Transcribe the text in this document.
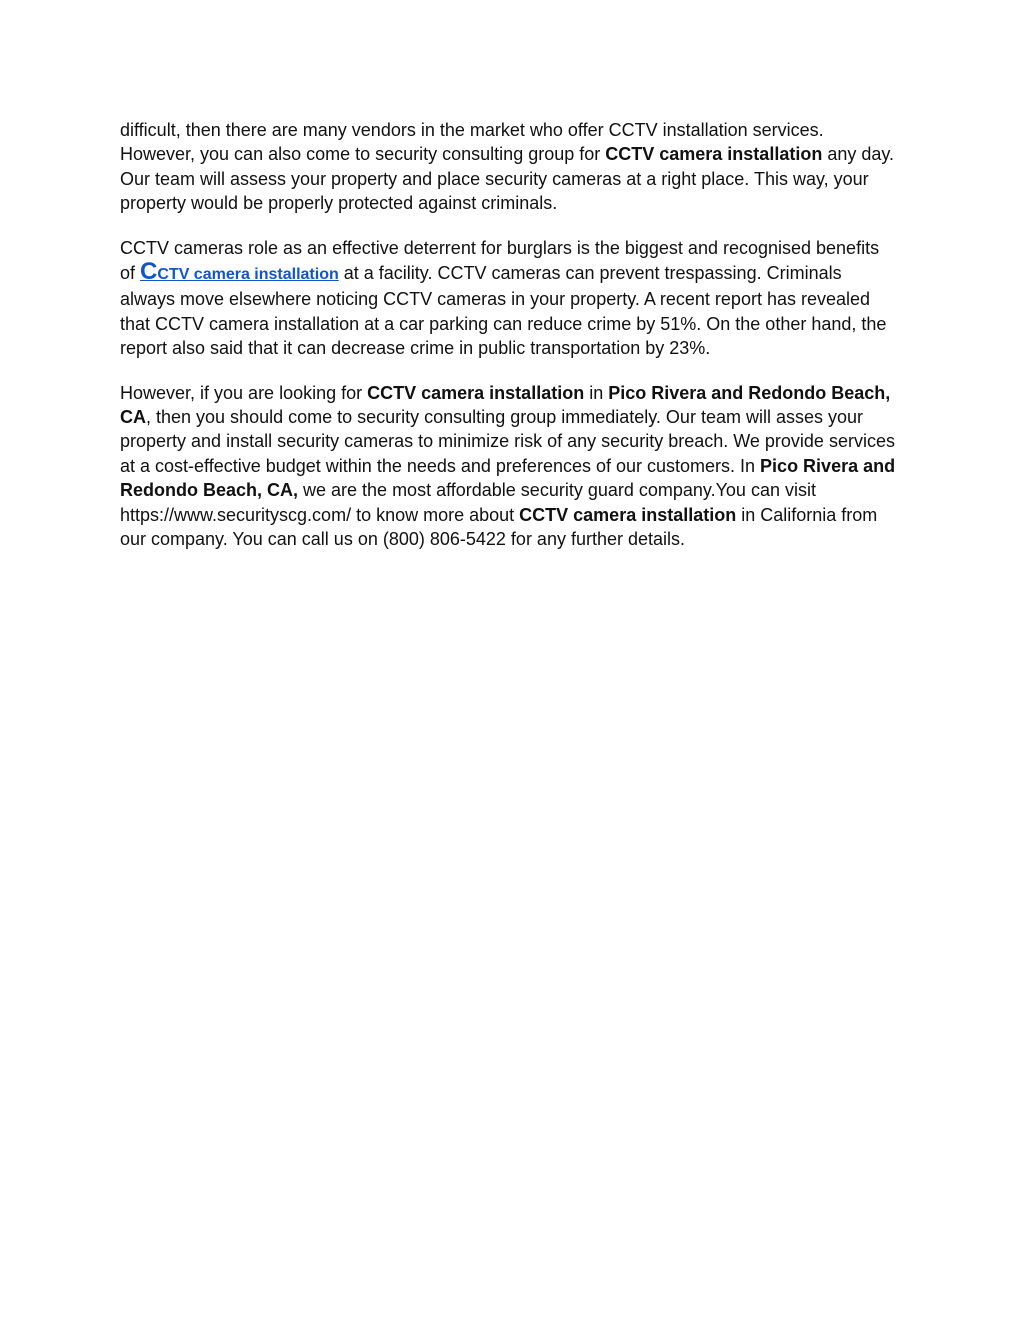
difficult, then there are many vendors in the market who offer CCTV installation services. However, you can also come to security consulting group for CCTV camera installation any day. Our team will assess your property and place security cameras at a right place. This way, your property would be properly protected against criminals.

CCTV cameras role as an effective deterrent for burglars is the biggest and recognised benefits
of CCTV camera installation at a facility. CCTV cameras can prevent trespassing. Criminals always move elsewhere noticing CCTV cameras in your property. A recent report has revealed that CCTV camera installation at a car parking can reduce crime by 51%. On the other hand, the report also said that it can decrease crime in public transportation by 23%.

However, if you are looking for CCTV camera installation in Pico Rivera and Redondo Beach, CA, then you should come to security consulting group immediately. Our team will asses your property and install security cameras to minimize risk of any security breach. We provide services at a cost-effective budget within the needs and preferences of our customers. In Pico Rivera and Redondo Beach, CA, we are the most affordable security guard company.You can visit https://www.securityscg.com/ to know more about CCTV camera installation in California from our company. You can call us on (800) 806-5422 for any further details.
